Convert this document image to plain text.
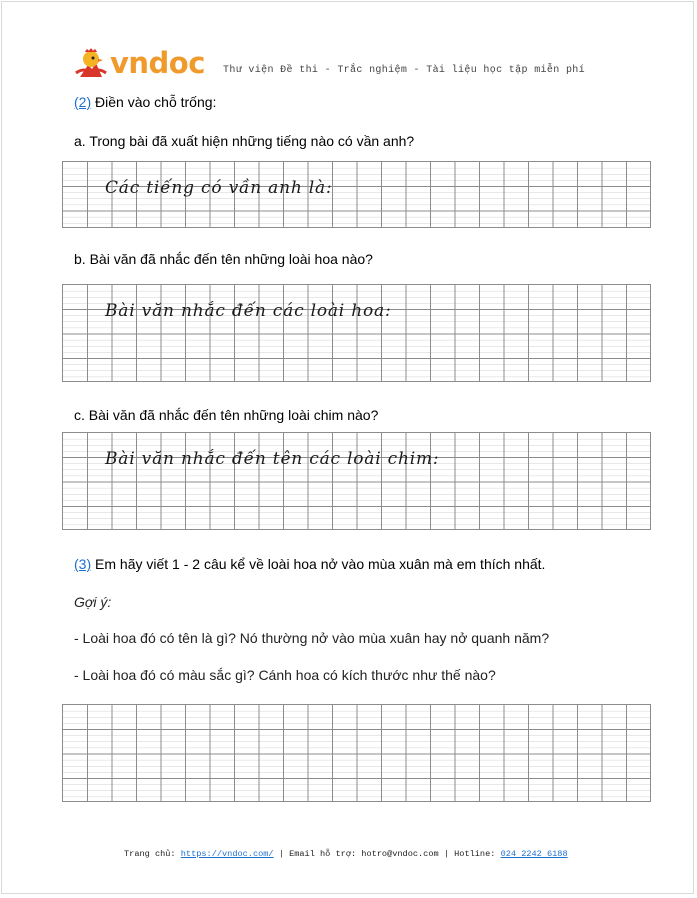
vndoc Thư viện Đề thi - Trắc nghiệm - Tài liệu học tập miễn phí
(2) Điền vào chỗ trống:
a. Trong bài đã xuất hiện những tiếng nào có vần anh?
Các tiếng có vần anh là:
b. Bài văn đã nhắc đến tên những loài hoa nào?
Bài văn nhắc đến các loài hoa:
c. Bài văn đã nhắc đến tên những loài chim nào?
Bài văn nhắc đến tên các loài chim:
(3) Em hãy viết 1 - 2 câu kể về loài hoa nở vào mùa xuân mà em thích nhất.
Gợi ý:
- Loài hoa đó có tên là gì? Nó thường nở vào mùa xuân hay nở quanh năm?
- Loài hoa đó có màu sắc gì? Cánh hoa có kích thước như thế nào?
Trang chủ: https://vndoc.com/ | Email hỗ trợ: hotro@vndoc.com | Hotline: 024 2242 6188
